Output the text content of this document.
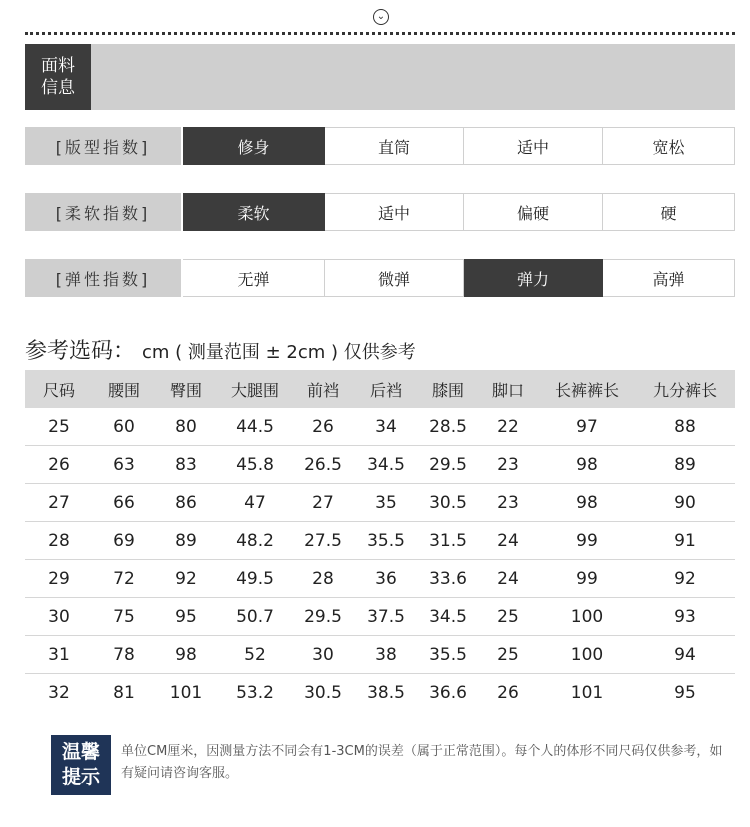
⌄
面料信息
[版型指数]	修身	直筒	适中	宽松
[柔软指数]	柔软	适中	偏硬	硬
[弹性指数]	无弹	微弹	弹力	高弹
参考选码： cm ( 测量范围 ± 2cm ) 仅供参考
尺码	腰围	臀围	大腿围	前裆	后裆	膝围	脚口	长裤裤长	九分裤长
25	60	80	44.5	26	34	28.5	22	97	88
26	63	83	45.8	26.5	34.5	29.5	23	98	89
27	66	86	47	27	35	30.5	23	98	90
28	69	89	48.2	27.5	35.5	31.5	24	99	91
29	72	92	49.5	28	36	33.6	24	99	92
30	75	95	50.7	29.5	37.5	34.5	25	100	93
31	78	98	52	30	38	35.5	25	100	94
32	81	101	53.2	30.5	38.5	36.6	26	101	95
温馨提示
单位CM厘米，因测量方法不同会有1-3CM的误差（属于正常范围）。每个人的体形不同尺码仅供参考，如有疑问请咨询客服。
